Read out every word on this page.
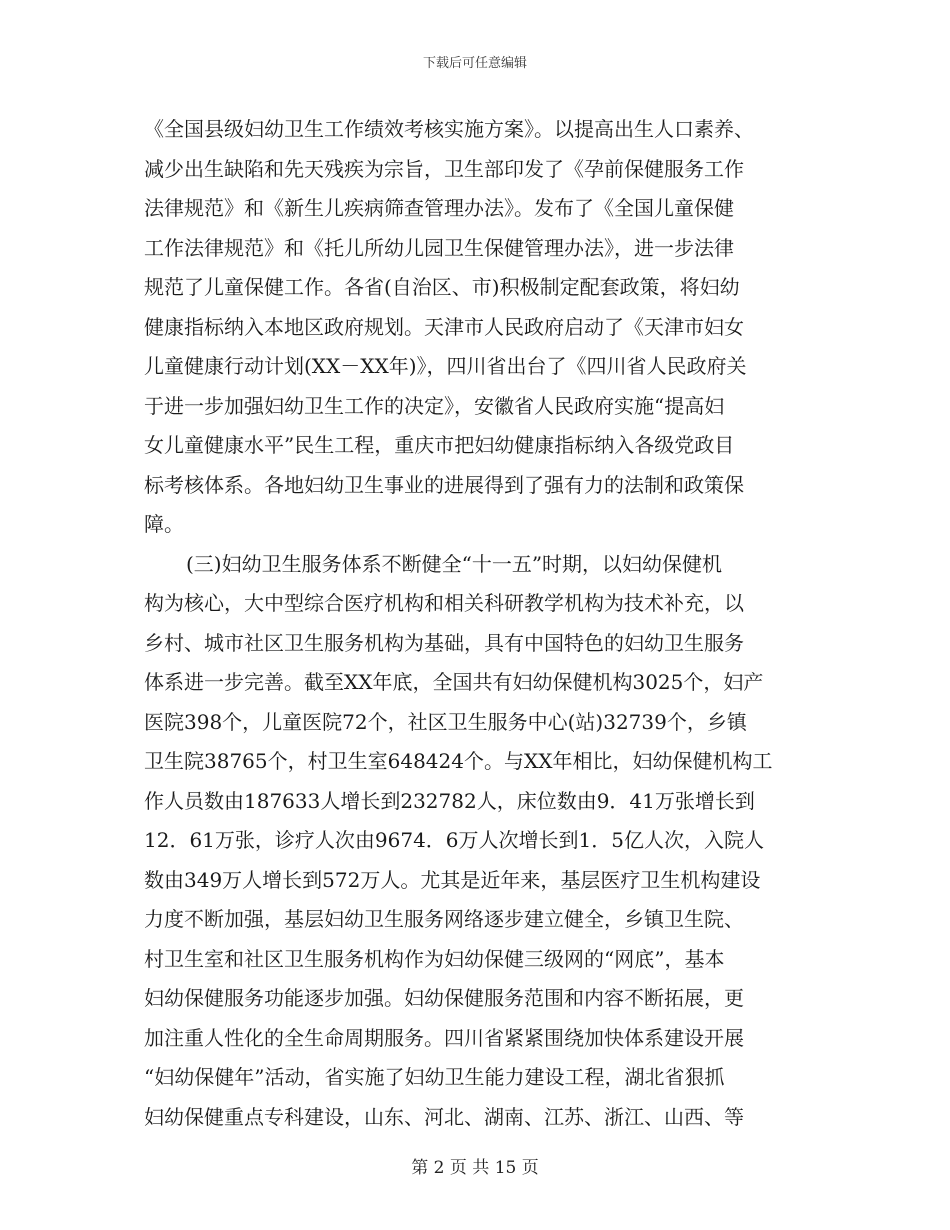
下载后可任意编辑
《全国县级妇幼卫生工作绩效考核实施方案》。以提高出生人口素养、
减少出生缺陷和先天残疾为宗旨，卫生部印发了《孕前保健服务工作
法律规范》和《新生儿疾病筛查管理办法》。发布了《全国儿童保健
工作法律规范》和《托儿所幼儿园卫生保健管理办法》，进一步法律
规范了儿童保健工作。各省(自治区、市)积极制定配套政策，将妇幼
健康指标纳入本地区政府规划。天津市人民政府启动了《天津市妇女
儿童健康行动计划(XX－XX年)》，四川省出台了《四川省人民政府关
于进一步加强妇幼卫生工作的决定》，安徽省人民政府实施“提高妇
女儿童健康水平”民生工程，重庆市把妇幼健康指标纳入各级党政目
标考核体系。各地妇幼卫生事业的进展得到了强有力的法制和政策保
障。
(三)妇幼卫生服务体系不断健全“十一五”时期，以妇幼保健机
构为核心，大中型综合医疗机构和相关科研教学机构为技术补充，以
乡村、城市社区卫生服务机构为基础，具有中国特色的妇幼卫生服务
体系进一步完善。截至XX年底，全国共有妇幼保健机构3025个，妇产
医院398个，儿童医院72个，社区卫生服务中心(站)32739个，乡镇
卫生院38765个，村卫生室648424个。与XX年相比，妇幼保健机构工
作人员数由187633人增长到232782人，床位数由9．41万张增长到
12．61万张，诊疗人次由9674．6万人次增长到1．5亿人次，入院人
数由349万人增长到572万人。尤其是近年来，基层医疗卫生机构建设
力度不断加强，基层妇幼卫生服务网络逐步建立健全，乡镇卫生院、
村卫生室和社区卫生服务机构作为妇幼保健三级网的“网底”，基本
妇幼保健服务功能逐步加强。妇幼保健服务范围和内容不断拓展，更
加注重人性化的全生命周期服务。四川省紧紧围绕加快体系建设开展
“妇幼保健年”活动，省实施了妇幼卫生能力建设工程，湖北省狠抓
妇幼保健重点专科建设，山东、河北、湖南、江苏、浙江、山西、等
第 2 页 共 15 页
